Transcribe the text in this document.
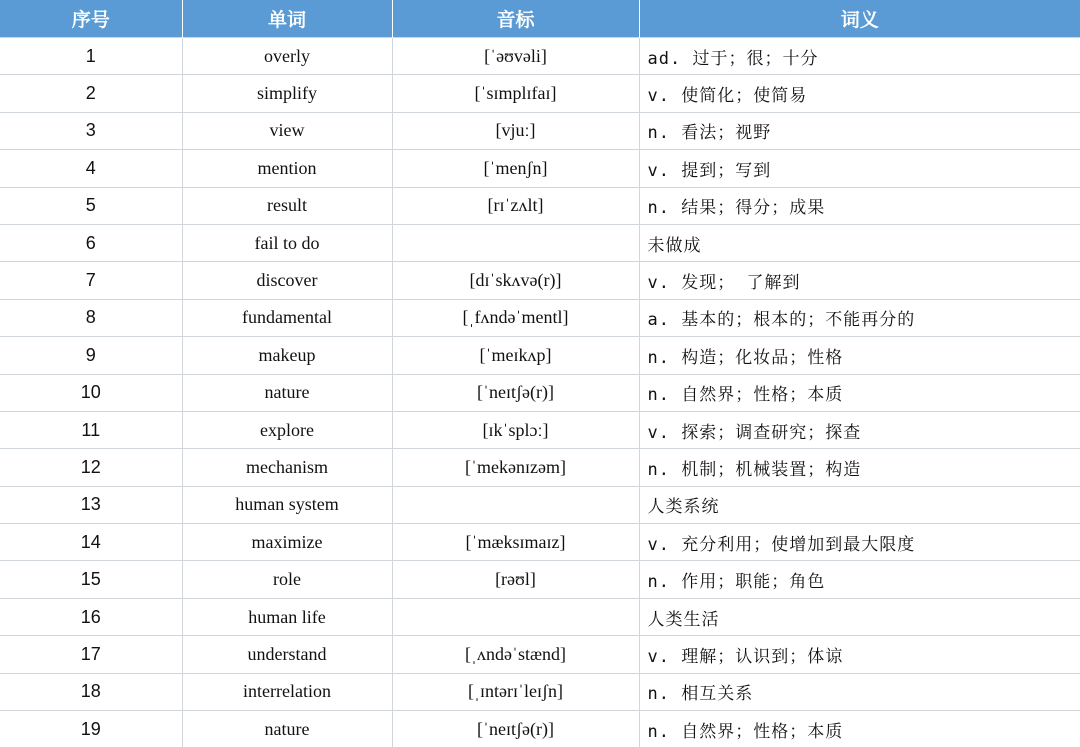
序号	单词	音标	词义
1	overly	[ˈəʊvəli]	ad. 过于；很；十分
2	simplify	[ˈsɪmplɪfaɪ]	v. 使简化；使简易
3	view	[vjuː]	n. 看法；视野
4	mention	[ˈmenʃn]	v. 提到；写到
5	result	[rɪˈzʌlt]	n. 结果；得分；成果
6	fail to do		未做成
7	discover	[dɪˈskʌvə(r)]	v. 发现； 了解到
8	fundamental	[ˌfʌndəˈmentl]	a. 基本的；根本的；不能再分的
9	makeup	[ˈmeɪkʌp]	n. 构造；化妆品；性格
10	nature	[ˈneɪtʃə(r)]	n. 自然界；性格；本质
11	explore	[ɪkˈsplɔː]	v. 探索；调查研究；探查
12	mechanism	[ˈmekənɪzəm]	n. 机制；机械装置；构造
13	human system		人类系统
14	maximize	[ˈmæksɪmaɪz]	v. 充分利用；使增加到最大限度
15	role	[rəʊl]	n. 作用；职能；角色
16	human life		人类生活
17	understand	[ˌʌndəˈstænd]	v. 理解；认识到；体谅
18	interrelation	[ˌɪntərɪˈleɪʃn]	n. 相互关系
19	nature	[ˈneɪtʃə(r)]	n. 自然界；性格；本质
